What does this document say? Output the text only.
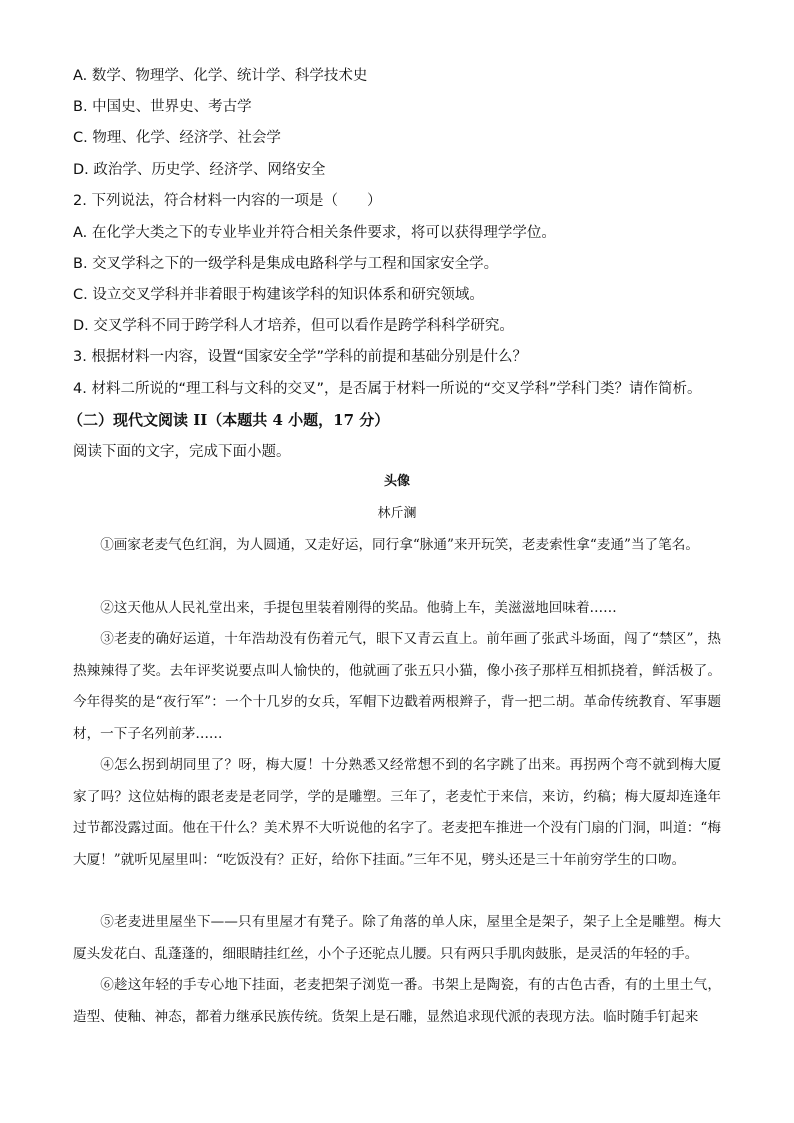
A. 数学、物理学、化学、统计学、科学技术史
B. 中国史、世界史、考古学
C. 物理、化学、经济学、社会学
D. 政治学、历史学、经济学、网络安全
2. 下列说法，符合材料一内容的一项是（　　）
A. 在化学大类之下的专业毕业并符合相关条件要求，将可以获得理学学位。
B. 交叉学科之下的一级学科是集成电路科学与工程和国家安全学。
C. 设立交叉学科并非着眼于构建该学科的知识体系和研究领域。
D. 交叉学科不同于跨学科人才培养，但可以看作是跨学科科学研究。
3. 根据材料一内容，设置“国家安全学”学科的前提和基础分别是什么？
4. 材料二所说的“理工科与文科的交叉”，是否属于材料一所说的“交叉学科”学科门类？请作简析。
（二）现代文阅读 II（本题共 4 小题，17 分）
阅读下面的文字，完成下面小题。
头像
林斤澜

①画家老麦气色红润，为人圆通，又走好运，同行拿“脉通”来开玩笑，老麦索性拿“麦通”当了笔名。

②这天他从人民礼堂出来，手提包里装着刚得的奖品。他骑上车，美滋滋地回味着……

③老麦的确好运道，十年浩劫没有伤着元气，眼下又青云直上。前年画了张武斗场面，闯了“禁区”，热热辣辣得了奖。去年评奖说要点叫人愉快的，他就画了张五只小猫，像小孩子那样互相抓挠着，鲜活极了。今年得奖的是“夜行军”：一个十几岁的女兵，军帽下边戳着两根辫子，背一把二胡。革命传统教育、军事题材，一下子名列前茅……

④怎么拐到胡同里了？呀，梅大厦！十分熟悉又经常想不到的名字跳了出来。再拐两个弯不就到梅大厦家了吗？这位姑梅的跟老麦是老同学，学的是雕塑。三年了，老麦忙于来信，来访，约稿；梅大厦却连逢年过节都没露过面。他在干什么？美术界不大听说他的名字了。老麦把车推进一个没有门扇的门洞，叫道：“梅大厦！”就听见屋里叫：“吃饭没有？正好，给你下挂面。”三年不见，劈头还是三十年前穷学生的口吻。

⑤老麦进里屋坐下——只有里屋才有凳子。除了角落的单人床，屋里全是架子，架子上全是雕塑。梅大厦头发花白、乱蓬蓬的，细眼睛挂红丝，小个子还驼点儿腰。只有两只手肌肉鼓胀，是灵活的年轻的手。

⑥趁这年轻的手专心地下挂面，老麦把架子浏览一番。书架上是陶瓷，有的古色古香，有的土里土气，造型、使釉、神态，都着力继承民族传统。货架上是石雕，显然追求现代派的表现方法。临时随手钉起来
